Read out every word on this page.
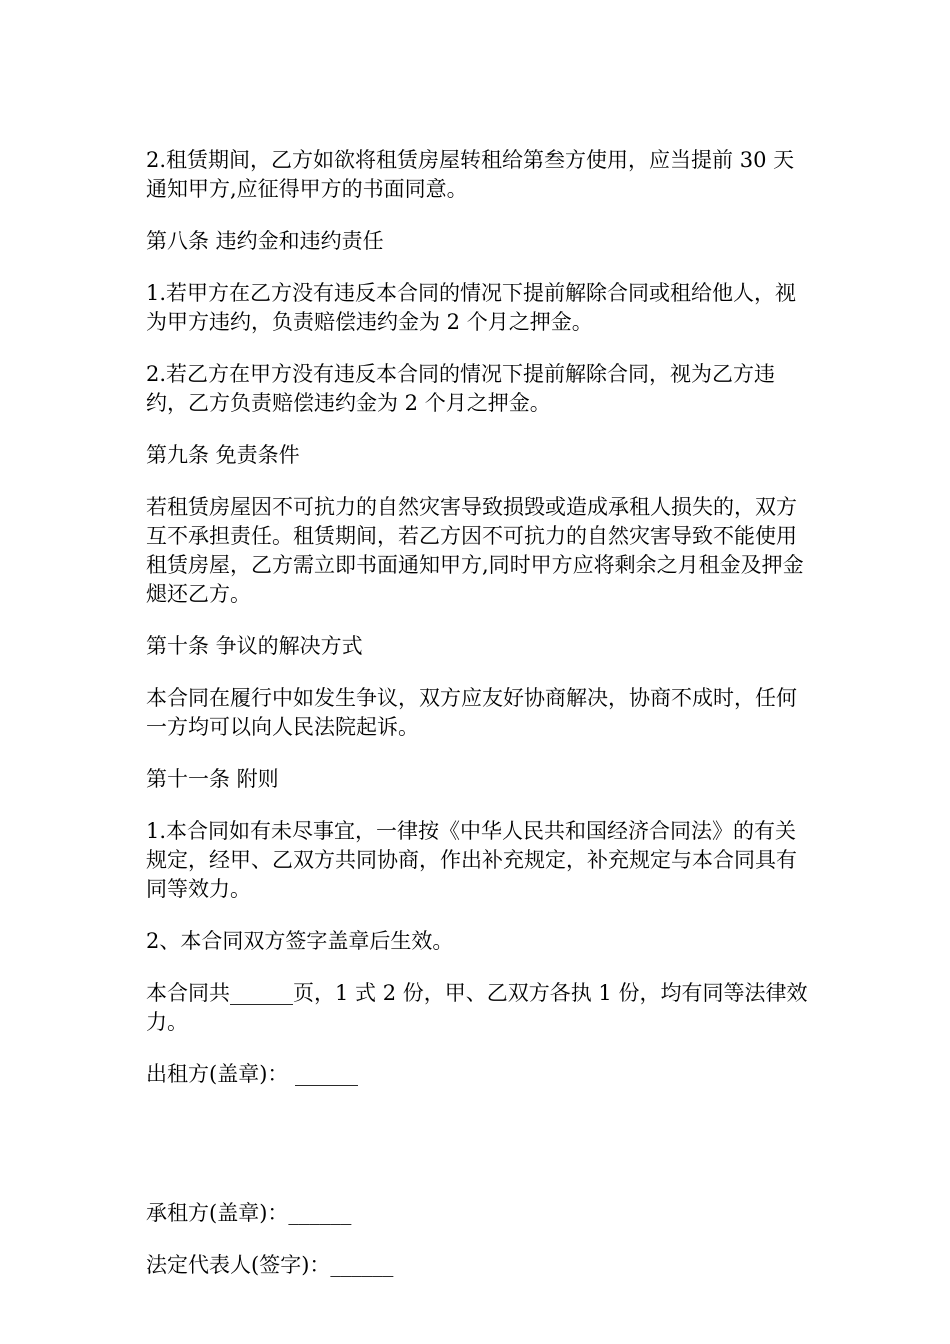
2.租赁期间，乙方如欲将租赁房屋转租给第叁方使用，应当提前 30 天通知甲方,应征得甲方的书面同意。

第八条 违约金和违约责任

1.若甲方在乙方没有违反本合同的情况下提前解除合同或租给他人，视为甲方违约，负责赔偿违约金为 2 个月之押金。

2.若乙方在甲方没有违反本合同的情况下提前解除合同，视为乙方违约，乙方负责赔偿违约金为 2 个月之押金。

第九条 免责条件

若租赁房屋因不可抗力的自然灾害导致损毁或造成承租人损失的，双方互不承担责任。租赁期间，若乙方因不可抗力的自然灾害导致不能使用租赁房屋，乙方需立即书面通知甲方,同时甲方应将剩余之月租金及押金煺还乙方。

第十条 争议的解决方式

本合同在履行中如发生争议，双方应友好协商解决，协商不成时，任何一方均可以向人民法院起诉。

第十一条 附则

1.本合同如有未尽事宜，一律按《中华人民共和国经济合同法》的有关规定，经甲、乙双方共同协商，作出补充规定，补充规定与本合同具有同等效力。

2、本合同双方签字盖章后生效。

本合同共______页，1 式 2 份，甲、乙双方各执 1 份，均有同等法律效力。

出租方(盖章)： ______

承租方(盖章)：______

法定代表人(签字)：______
